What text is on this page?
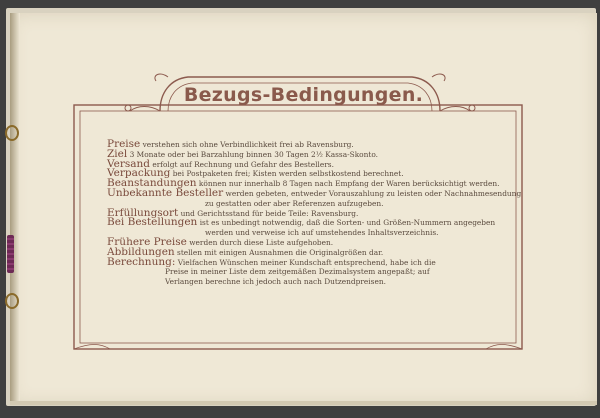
Bezugs-Bedingungen.
Preise verstehen sich ohne Verbindlichkeit frei ab Ravensburg.
Ziel 3 Monate oder bei Barzahlung binnen 30 Tagen 2½ Kassa-Skonto.
Versand erfolgt auf Rechnung und Gefahr des Bestellers.
Verpackung bei Postpaketen frei; Kisten werden selbstkostend berechnet.
Beanstandungen können nur innerhalb 8 Tagen nach Empfang der Waren berücksichtigt werden.
Unbekannte Besteller werden gebeten, entweder Vorauszahlung zu leisten oder Nachnahmesendung
zu gestatten oder aber Referenzen aufzugeben.
Erfüllungsort und Gerichtsstand für beide Teile: Ravensburg.
Bei Bestellungen ist es unbedingt notwendig, daß die Sorten- und Größen-Nummern angegeben
werden und verweise ich auf umstehendes Inhaltsverzeichnis.
Frühere Preise werden durch diese Liste aufgehoben.
Abbildungen stellen mit einigen Ausnahmen die Originalgrößen dar.
Berechnung: Vielfachen Wünschen meiner Kundschaft entsprechend, habe ich die
Preise in meiner Liste dem zeitgemäßen Dezimalsystem angepaßt; auf
Verlangen berechne ich jedoch auch nach Dutzendpreisen.
